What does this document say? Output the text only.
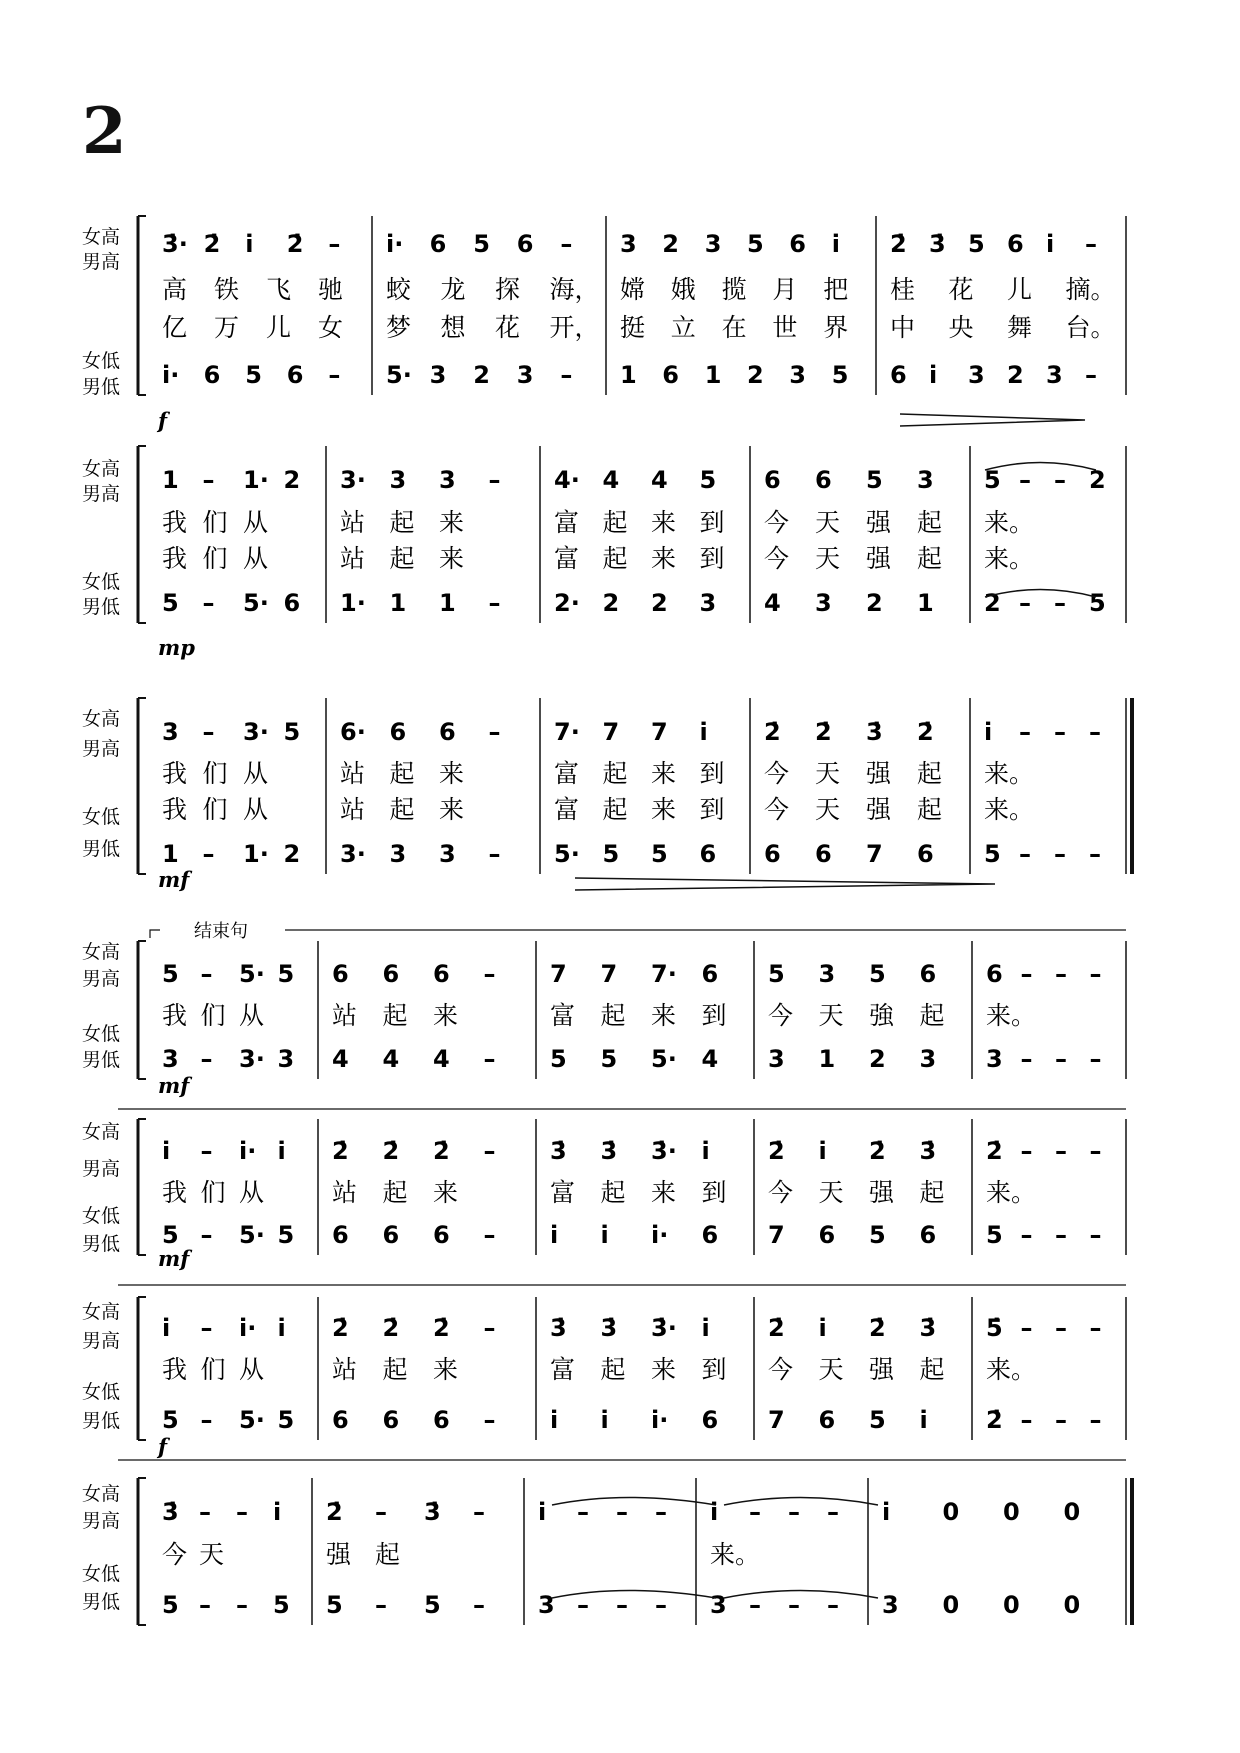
2
女高
男高
女低
男低
3̇· 2̇ i̇ 2̇ –
高 铁 飞 驰
亿 万 儿 女
i̇· 6 5 6 –
i̇· 6 5 6 –
蛟 龙 探 海，
梦 想 花 开，
5· 3 2 3 –
3 2 3 5 6 i̇
嫦 娥 揽 月 把
挺 立 在 世 界
1 6 1 2 3 5
2̇ 3̇ 5 6 i̇ –
桂 花 儿 摘。
中 央 舞 台。
6 i̇ 3 2 3 –
f
女高
男高
女低
男低
1 – 1· 2
我 们 从
我 们 从
5 – 5· 6
3· 3 3 –
站 起 来
站 起 来
1· 1 1 –
4· 4 4 5
富 起 来 到
富 起 来 到
2· 2 2 3
6 6 5 3
今 天 强 起
今 天 强 起
4 3 2 1
5 – – 2
来。
来。
2 – – 5
mp
女高
男高
女低
男低
3 – 3· 5
我 们 从
我 们 从
1 – 1· 2
6· 6 6 –
站 起 来
站 起 来
3· 3 3 –
7· 7 7 i̇
富 起 来 到
富 起 来 到
5· 5 5 6
2̇ 2̇ 3̇ 2̇
今 天 强 起
今 天 强 起
6 6 7 6
i̇ – – –
来。
来。
5 – – –
mf
女高
男高
女低
男低
5 – 5· 5
我 们 从
3 – 3· 3
6 6 6 –
站 起 来
4 4 4 –
7 7 7· 6
富 起 来 到
5 5 5· 4
5 3 5 6
今 天 強 起
3 1 2 3
6 – – –
来。
3 – – –
mf
女高
男高
女低
男低
i̇ – i̇· i̇
我 们 从
5 – 5· 5
2̇ 2̇ 2̇ –
站 起 来
6 6 6 –
3̇ 3̇ 3̇· i̇
富 起 来 到
i̇ i̇ i̇· 6
2̇ i̇ 2̇ 3̇
今 天 强 起
7 6 5 6
2̇ – – –
来。
5 – – –
mf
女高
男高
女低
男低
i̇ – i̇· i̇
我 们 从
5 – 5· 5
2̇ 2̇ 2̇ –
站 起 来
6 6 6 –
3̇ 3̇ 3̇· i̇
富 起 来 到
i̇ i̇ i̇· 6
2̇ i̇ 2̇ 3̇
今 天 强 起
7 6 5 i̇
5̇ – – –
来。
2̇ – – –
f
女高
男高
女低
男低
3̇ – – i̇
今 天
5 – – 5
2̇ – 3̇ –
强 起
5 – 5 –
i̇ – – –
3 – – –
i̇ – – –
来。
3 – – –
i̇ 0 0 0
3 0 0 0
结束句
